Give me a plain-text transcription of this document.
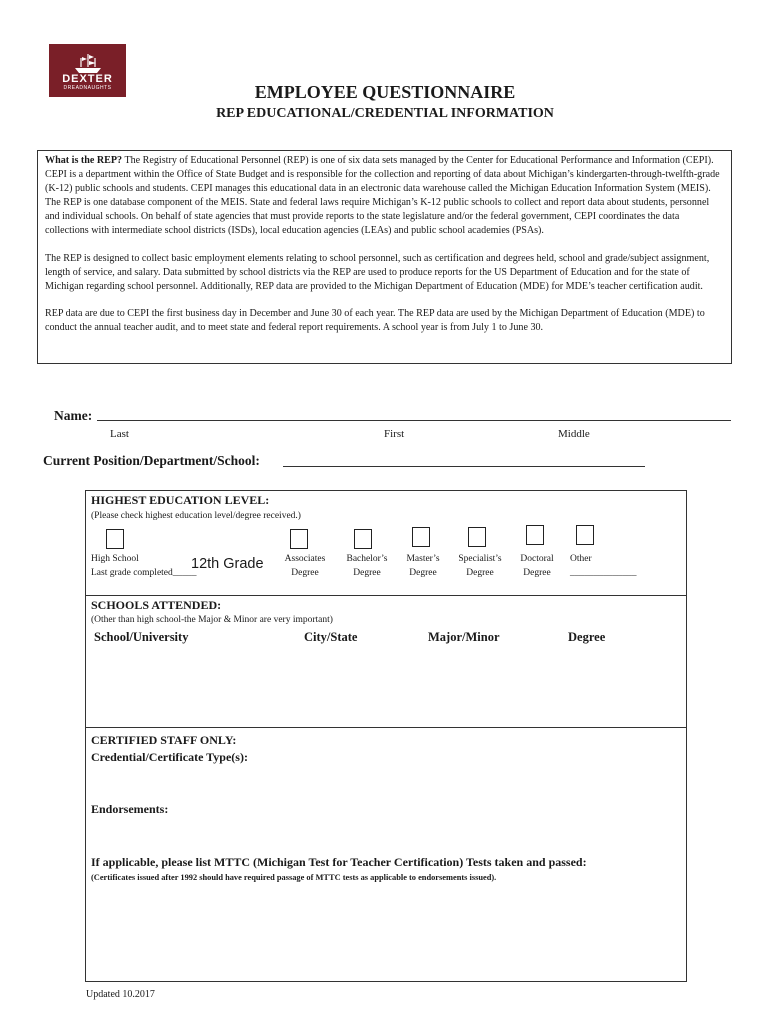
DEXTER
DREADNAUGHTS	EMPLOYEE QUESTIONNAIRE
REP EDUCATIONAL/CREDENTIAL INFORMATION

What is the REP? The Registry of Educational Personnel (REP) is one of six data sets managed by the Center for Educational Performance and Information (CEPI). CEPI is a department within the Office of State Budget and is responsible for the collection and reporting of data about Michigan’s kindergarten-through-twelfth-grade (K-12) public schools and students. CEPI manages this educational data in an electronic data warehouse called the Michigan Education Information System (MEIS). The REP is one database component of the MEIS. State and federal laws require Michigan’s K-12 public schools to collect and report data about students, personnel and individual schools. On behalf of state agencies that must provide reports to the state legislature and/or the federal government, CEPI coordinates the data collections with intermediate school districts (ISDs), local education agencies (LEAs) and public school academies (PSAs).

The REP is designed to collect basic employment elements relating to school personnel, such as certification and degrees held, school and grade/subject assignment, length of service, and salary. Data submitted by school districts via the REP are used to produce reports for the US Department of Education and for the state of Michigan regarding school personnel. Additionally, REP data are provided to the Michigan Department of Education (MDE) for MDE’s teacher certification audit.

REP data are due to CEPI the first business day in December and June 30 of each year. The REP data are used by the Michigan Department of Education (MDE) to conduct the annual teacher audit, and to meet state and federal report requirements. A school year is from July 1 to June 30.

Name:
Last	First	Middle
Current Position/Department/School:
HIGHEST EDUCATION LEVEL:
(Please check highest education level/degree received.)
High School
Last grade completed_____
12th Grade	Associates
Degree
Bachelor’s
Degree
Master’s
Degree
Specialist’s
Degree
Doctoral
Degree
Other
______________
SCHOOLS ATTENDED:
(Other than high school-the Major & Minor are very important)
School/University	City/State	Major/Minor	Degree
CERTIFIED STAFF ONLY:
Credential/Certificate Type(s):
Endorsements:
If applicable, please list MTTC (Michigan Test for Teacher Certification) Tests taken and passed:
(Certificates issued after 1992 should have required passage of MTTC tests as applicable to endorsements issued).
Updated 10.2017
